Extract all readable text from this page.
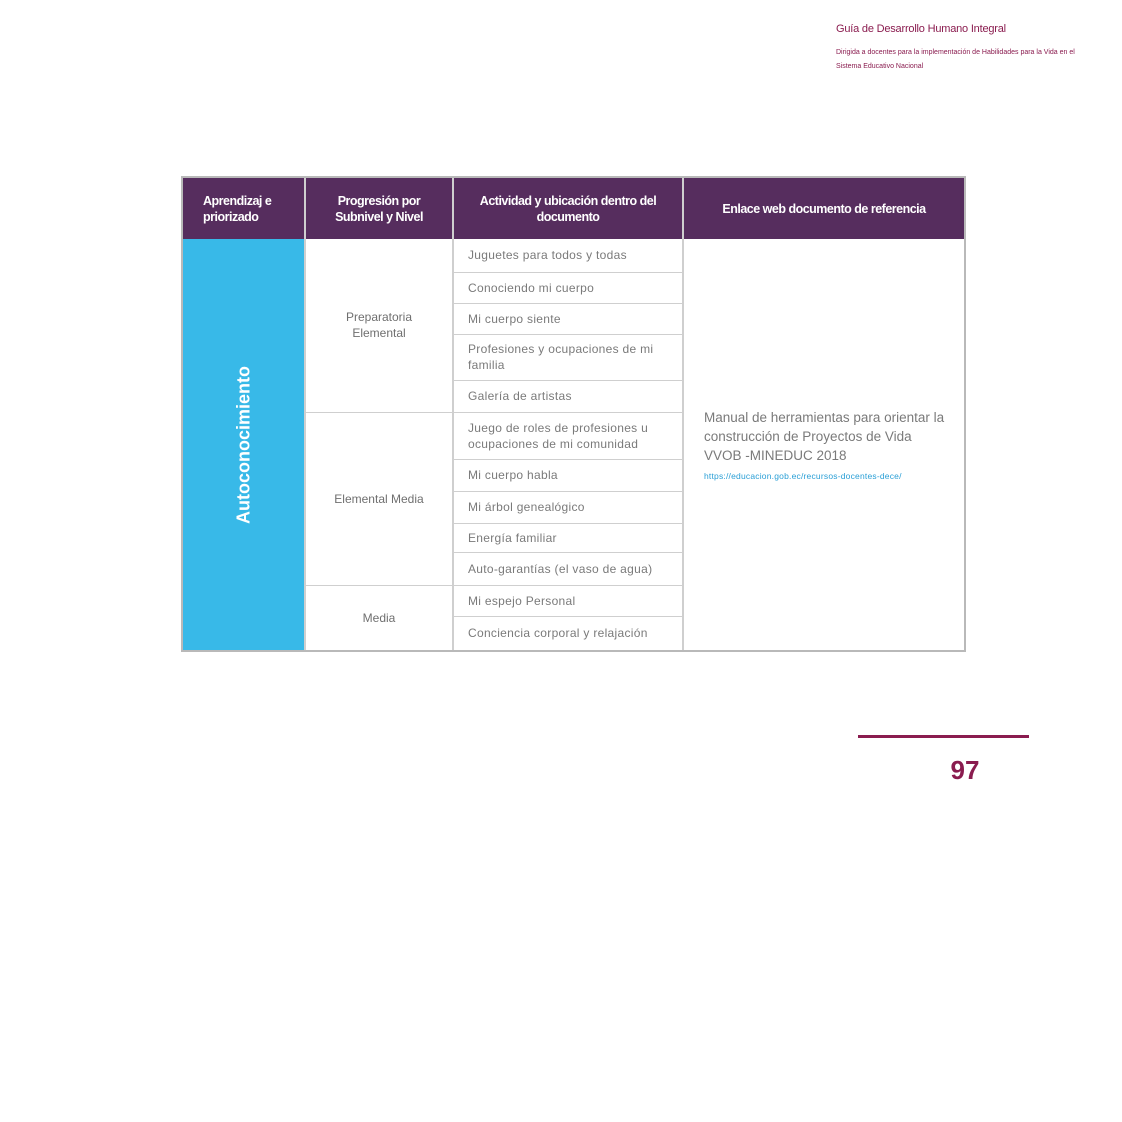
Guía de Desarrollo Humano Integral
Dirigida a docentes para la implementación de Habilidades para la Vida en el Sistema Educativo Nacional
Aprendizaj e priorizado	Progresión por Subnivel y Nivel	Actividad y ubicación dentro del documento	Enlace web documento de referencia

Autoconocimiento	Preparatoria Elemental	Juguetes para todos y todas	Manual de herramientas para orientar la construcción de Proyectos de Vida VVOB -MINEDUC 2018
https://educacion.gob.ec/recursos-docentes-dece/

		Conociendo mi cuerpo	
		Mi cuerpo siente	
		Profesiones y ocupaciones de mi familia	
		Galería de artistas	
	Elemental Media	Juego de roles de profesiones u ocupaciones de mi comunidad	
		Mi cuerpo habla	
		Mi árbol genealógico	
		Energía familiar	
		Auto-garantías (el vaso de agua)	
	Media	Mi espejo Personal	
		Conciencia corporal y relajación	
97
